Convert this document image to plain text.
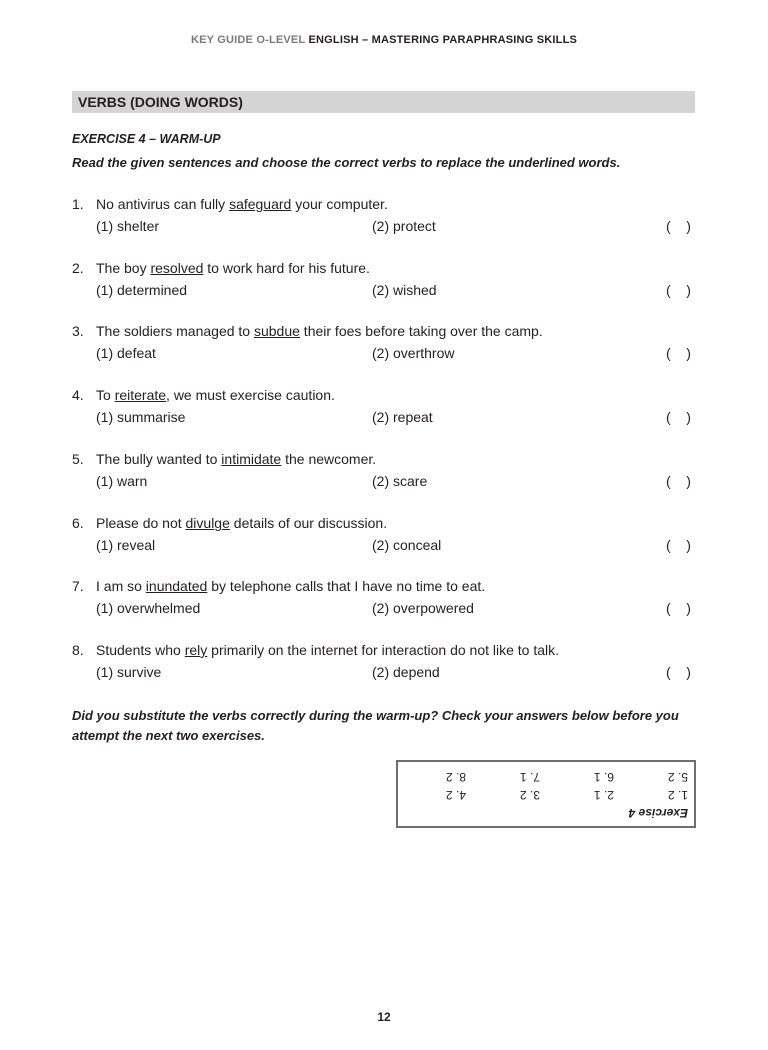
KEY GUIDE O-LEVEL ENGLISH – MASTERING PARAPHRASING SKILLS
VERBS (DOING WORDS)
EXERCISE 4 – WARM-UP
Read the given sentences and choose the correct verbs to replace the underlined words.
1. No antivirus can fully safeguard your computer.
(1) shelter	(2) protect	(    )
2. The boy resolved to work hard for his future.
(1) determined	(2) wished	(    )
3. The soldiers managed to subdue their foes before taking over the camp.
(1) defeat	(2) overthrow	(    )
4. To reiterate, we must exercise caution.
(1) summarise	(2) repeat	(    )
5. The bully wanted to intimidate the newcomer.
(1) warn	(2) scare	(    )
6. Please do not divulge details of our discussion.
(1) reveal	(2) conceal	(    )
7. I am so inundated by telephone calls that I have no time to eat.
(1) overwhelmed	(2) overpowered	(    )
8. Students who rely primarily on the internet for interaction do not like to talk.
(1) survive	(2) depend	(    )
Did you substitute the verbs correctly during the warm-up? Check your answers below before you attempt the next two exercises.
Exercise 4
1. 2
2. 1
3. 2
4. 2
5. 2
6. 1
7. 1
8. 2
12
